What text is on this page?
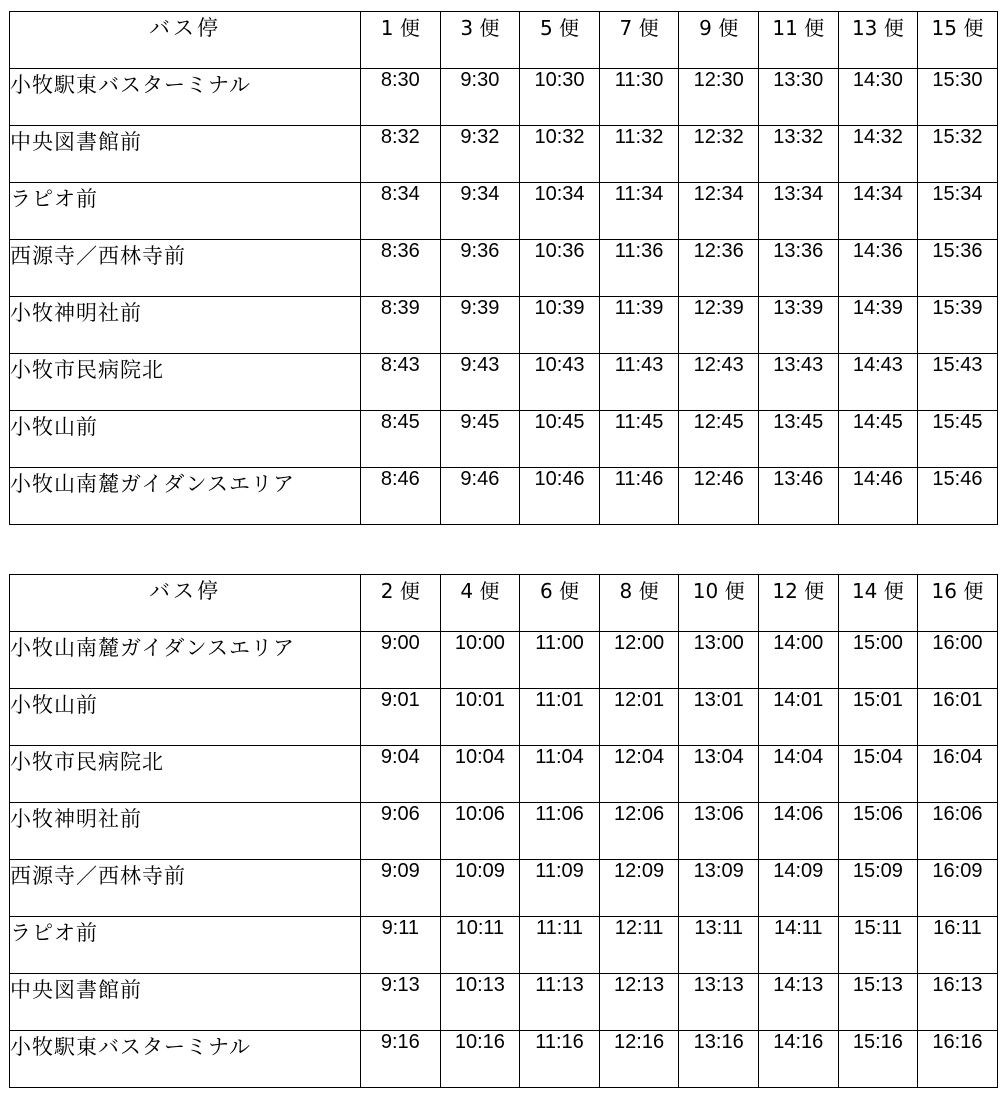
バス停	1 便	3 便	5 便	7 便	9 便	11 便	13 便	15 便
小牧駅東バスターミナル	8:30	9:30	10:30	11:30	12:30	13:30	14:30	15:30
中央図書館前	8:32	9:32	10:32	11:32	12:32	13:32	14:32	15:32
ラピオ前	8:34	9:34	10:34	11:34	12:34	13:34	14:34	15:34
西源寺／西林寺前	8:36	9:36	10:36	11:36	12:36	13:36	14:36	15:36
小牧神明社前	8:39	9:39	10:39	11:39	12:39	13:39	14:39	15:39
小牧市民病院北	8:43	9:43	10:43	11:43	12:43	13:43	14:43	15:43
小牧山前	8:45	9:45	10:45	11:45	12:45	13:45	14:45	15:45
小牧山南麓ガイダンスエリア	8:46	9:46	10:46	11:46	12:46	13:46	14:46	15:46
バス停	2 便	4 便	6 便	8 便	10 便	12 便	14 便	16 便
小牧山南麓ガイダンスエリア	9:00	10:00	11:00	12:00	13:00	14:00	15:00	16:00
小牧山前	9:01	10:01	11:01	12:01	13:01	14:01	15:01	16:01
小牧市民病院北	9:04	10:04	11:04	12:04	13:04	14:04	15:04	16:04
小牧神明社前	9:06	10:06	11:06	12:06	13:06	14:06	15:06	16:06
西源寺／西林寺前	9:09	10:09	11:09	12:09	13:09	14:09	15:09	16:09
ラピオ前	9:11	10:11	11:11	12:11	13:11	14:11	15:11	16:11
中央図書館前	9:13	10:13	11:13	12:13	13:13	14:13	15:13	16:13
小牧駅東バスターミナル	9:16	10:16	11:16	12:16	13:16	14:16	15:16	16:16
